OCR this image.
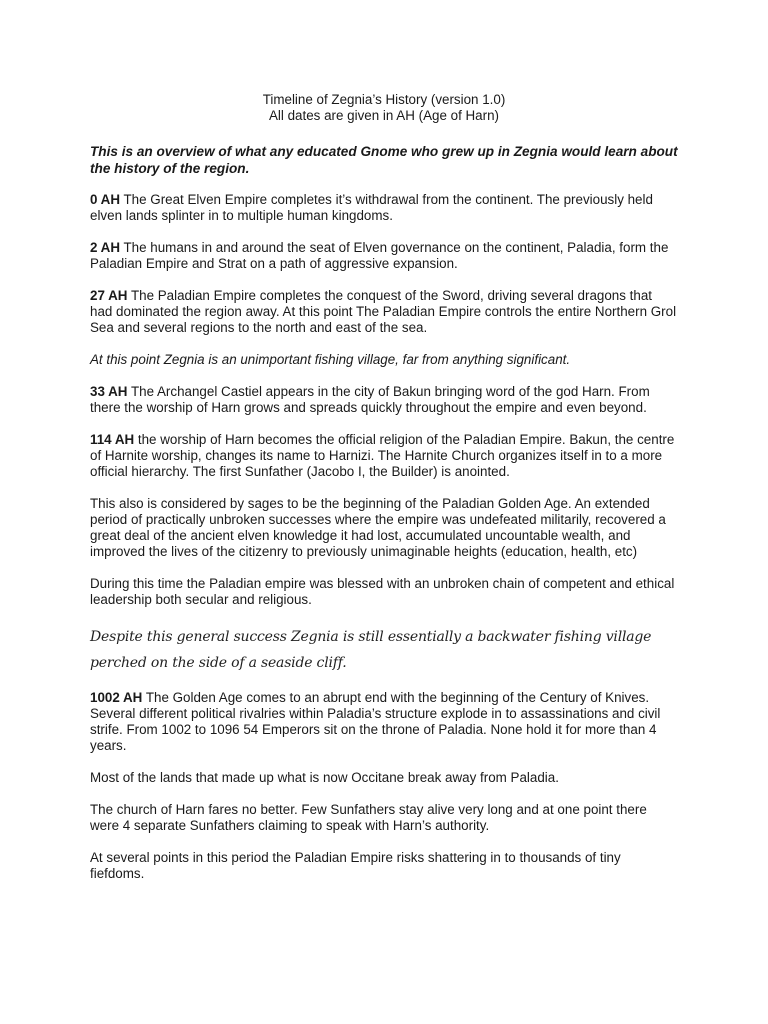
Timeline of Zegnia’s History (version 1.0)
All dates are given in AH (Age of Harn)

This is an overview of what any educated Gnome who grew up in Zegnia would learn about the history of the region.

0 AH The Great Elven Empire completes it’s withdrawal from the continent. The previously held elven lands splinter in to multiple human kingdoms.

2 AH The humans in and around the seat of Elven governance on the continent, Paladia, form the Paladian Empire and Strat on a path of aggressive expansion.

27 AH The Paladian Empire completes the conquest of the Sword, driving several dragons that had dominated the region away. At this point The Paladian Empire controls the entire Northern Grol Sea and several regions to the north and east of the sea.

At this point Zegnia is an unimportant fishing village, far from anything significant.

33 AH The Archangel Castiel appears in the city of Bakun bringing word of the god Harn. From there the worship of Harn grows and spreads quickly throughout the empire and even beyond.

114 AH the worship of Harn becomes the official religion of the Paladian Empire. Bakun, the centre of Harnite worship, changes its name to Harnizi. The Harnite Church organizes itself in to a more official hierarchy. The first Sunfather (Jacobo I, the Builder) is anointed.

This also is considered by sages to be the beginning of the Paladian Golden Age. An extended period of practically unbroken successes where the empire was undefeated militarily, recovered a great deal of the ancient elven knowledge it had lost, accumulated uncountable wealth, and improved the lives of the citizenry to previously unimaginable heights (education, health, etc)

During this time the Paladian empire was blessed with an unbroken chain of competent and ethical leadership both secular and religious.

Despite this general success Zegnia is still essentially a backwater fishing village perched on the side of a seaside cliff.

1002 AH The Golden Age comes to an abrupt end with the beginning of the Century of Knives. Several different political rivalries within Paladia’s structure explode in to assassinations and civil strife. From 1002 to 1096 54 Emperors sit on the throne of Paladia. None hold it for more than 4 years.

Most of the lands that made up what is now Occitane break away from Paladia.

The church of Harn fares no better. Few Sunfathers stay alive very long and at one point there were 4 separate Sunfathers claiming to speak with Harn’s authority.

At several points in this period the Paladian Empire risks shattering in to thousands of tiny fiefdoms.
